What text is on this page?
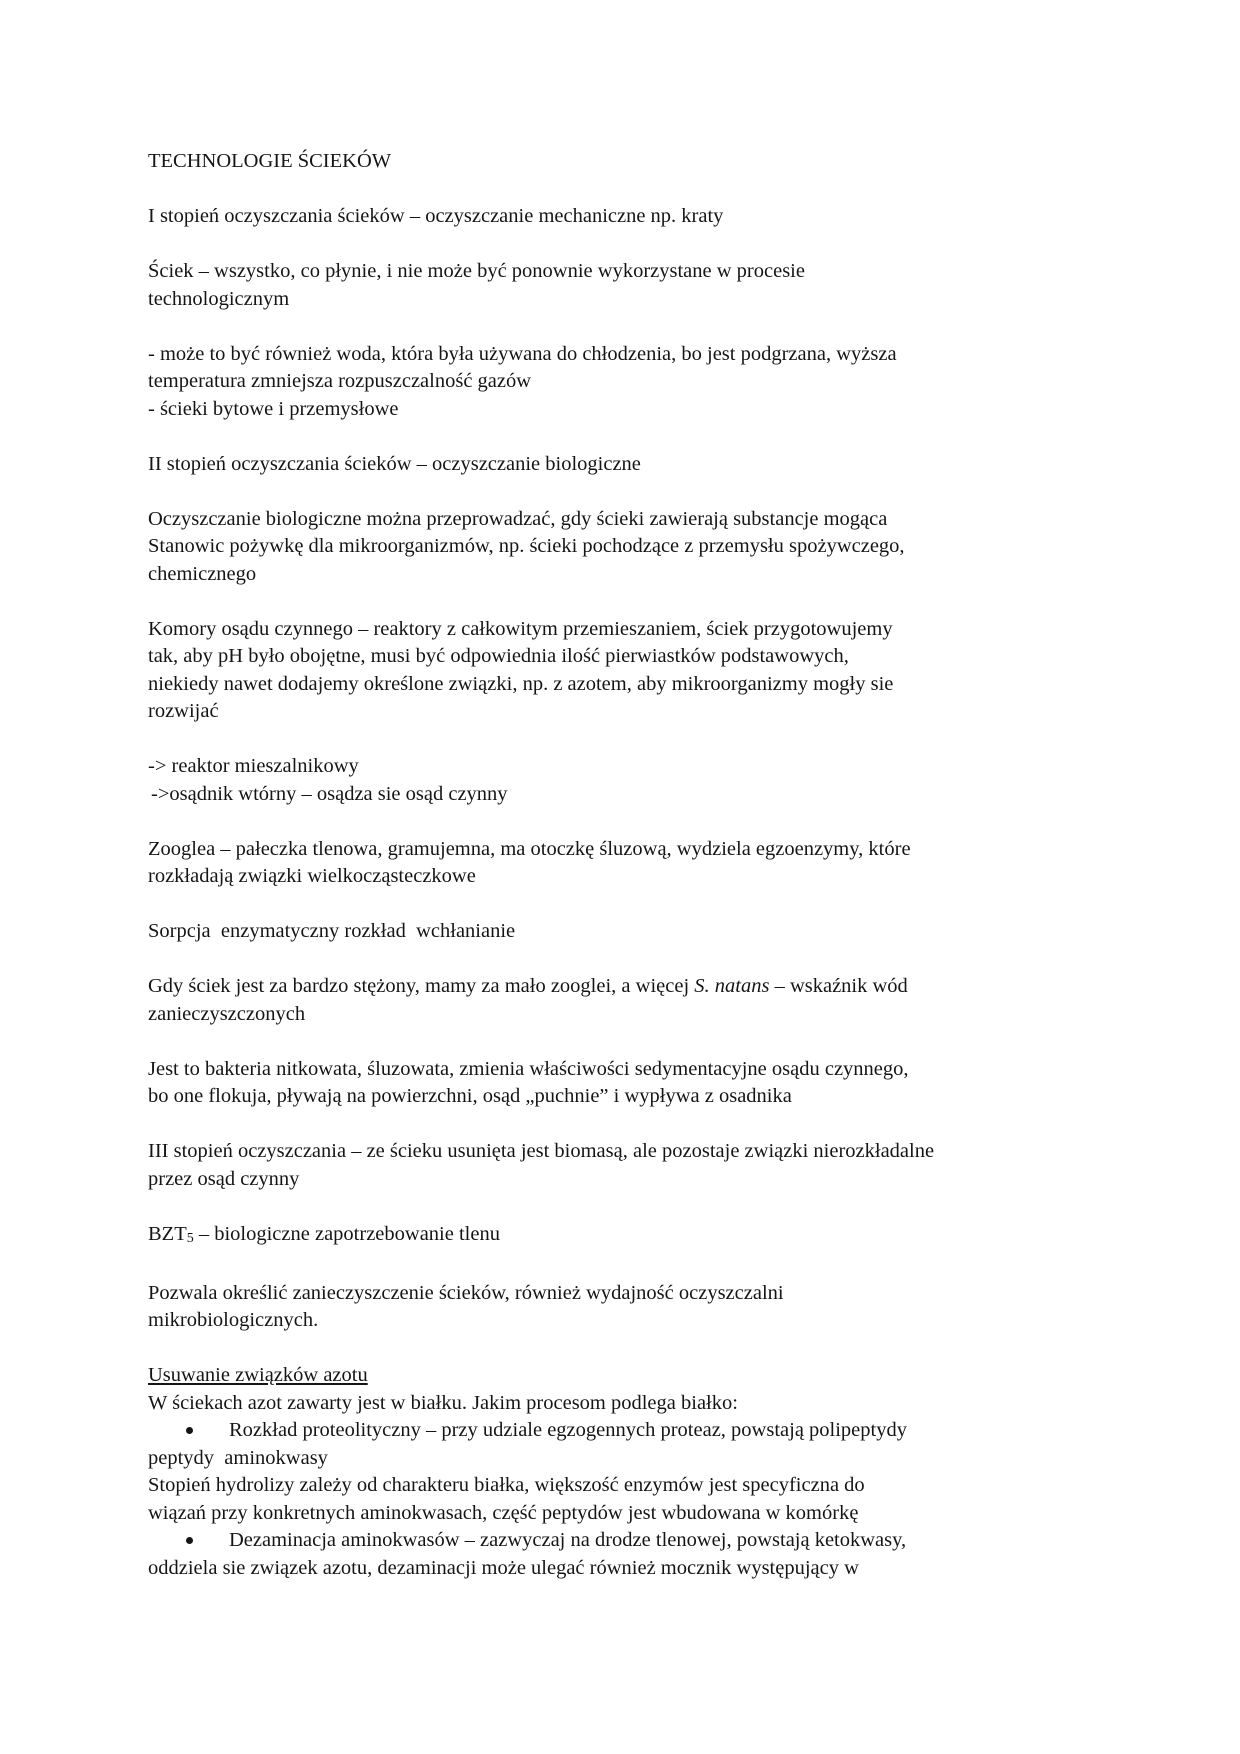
TECHNOLOGIE ŚCIEKÓW
I stopień oczyszczania ścieków – oczyszczanie mechaniczne np. kraty
Ściek – wszystko, co płynie, i nie może być ponownie wykorzystane w procesie
technologicznym
- może to być również woda, która była używana do chłodzenia, bo jest podgrzana, wyższa
temperatura zmniejsza rozpuszczalność gazów
- ścieki bytowe i przemysłowe
II stopień oczyszczania ścieków – oczyszczanie biologiczne
Oczyszczanie biologiczne można przeprowadzać, gdy ścieki zawierają substancje mogąca
Stanowic pożywkę dla mikroorganizmów, np. ścieki pochodzące z przemysłu spożywczego,
chemicznego
Komory osądu czynnego – reaktory z całkowitym przemieszaniem, ściek przygotowujemy
tak, aby pH było obojętne, musi być odpowiednia ilość pierwiastków podstawowych,
niekiedy nawet dodajemy określone związki, np. z azotem, aby mikroorganizmy mogły sie
rozwijać
-> reaktor mieszalnikowy
->osądnik wtórny – osądza sie osąd czynny
Zooglea – pałeczka tlenowa, gramujemna, ma otoczkę śluzową, wydziela egzoenzymy, które
rozkładają związki wielkocząsteczkowe
Sorpcja  enzymatyczny rozkład  wchłanianie
Gdy ściek jest za bardzo stężony, mamy za mało zooglei, a więcej S. natans – wskaźnik wód
zanieczyszczonych
Jest to bakteria nitkowata, śluzowata, zmienia właściwości sedymentacyjne osądu czynnego,
bo one flokuja, pływają na powierzchni, osąd „puchnie” i wypływa z osadnika
III stopień oczyszczania – ze ścieku usunięta jest biomasą, ale pozostaje związki nierozkładalne
przez osąd czynny
BZT5 – biologiczne zapotrzebowanie tlenu
Pozwala określić zanieczyszczenie ścieków, również wydajność oczyszczalni
mikrobiologicznych.
Usuwanie związków azotu
W ściekach azot zawarty jest w białku. Jakim procesom podlega białko:
Rozkład proteolityczny – przy udziale egzogennych proteaz, powstają polipeptydy
peptydy  aminokwasy
Stopień hydrolizy zależy od charakteru białka, większość enzymów jest specyficzna do
wiązań przy konkretnych aminokwasach, część peptydów jest wbudowana w komórkę
Dezaminacja aminokwasów – zazwyczaj na drodze tlenowej, powstają ketokwasy,
oddziela sie związek azotu, dezaminacji może ulegać również mocznik występujący w
